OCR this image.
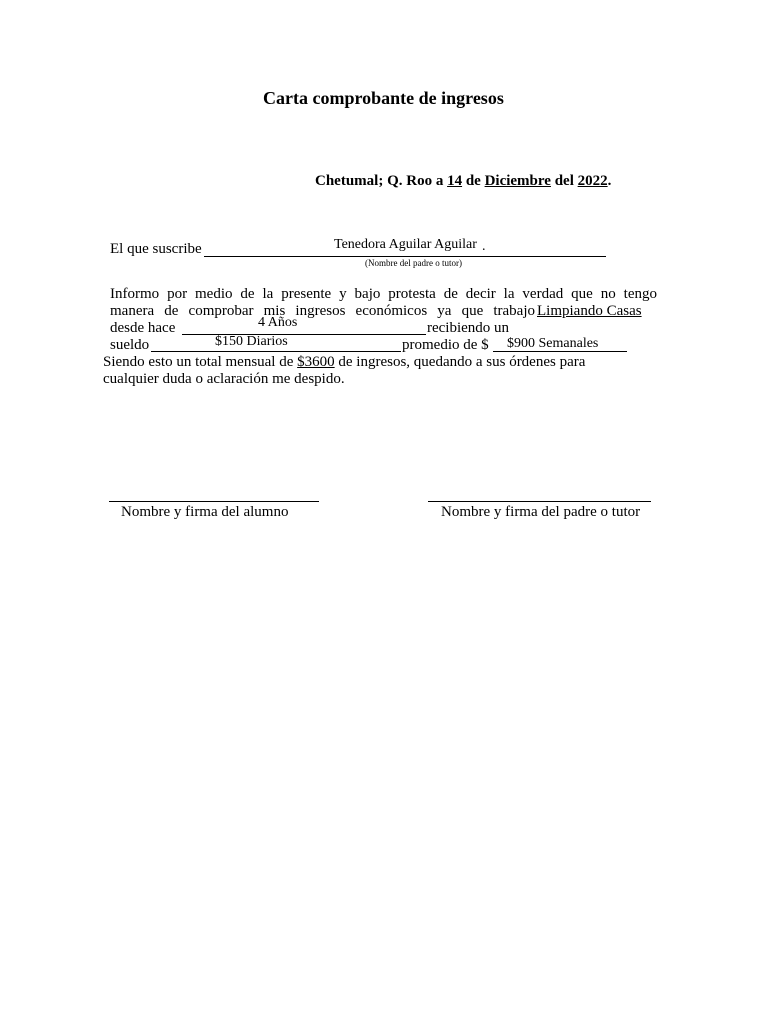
Carta comprobante de ingresos
Chetumal; Q. Roo a 14 de Diciembre del 2022.
El que suscribe	Tenedora Aguilar Aguilar .
(Nombre del padre o tutor)
Informo por medio de la presente y bajo protesta de decir la verdad que no tengo
manera de comprobar mis ingresos económicos ya que trabajo Limpiando Casas
desde hace	4 Años	recibiendo un
sueldo	$150 Diarios	promedio de $ $900 Semanales
Siendo esto un total mensual de $3600 de ingresos, quedando a sus órdenes para
cualquier duda o aclaración me despido.
Nombre y firma del alumno	Nombre y firma del padre o tutor
